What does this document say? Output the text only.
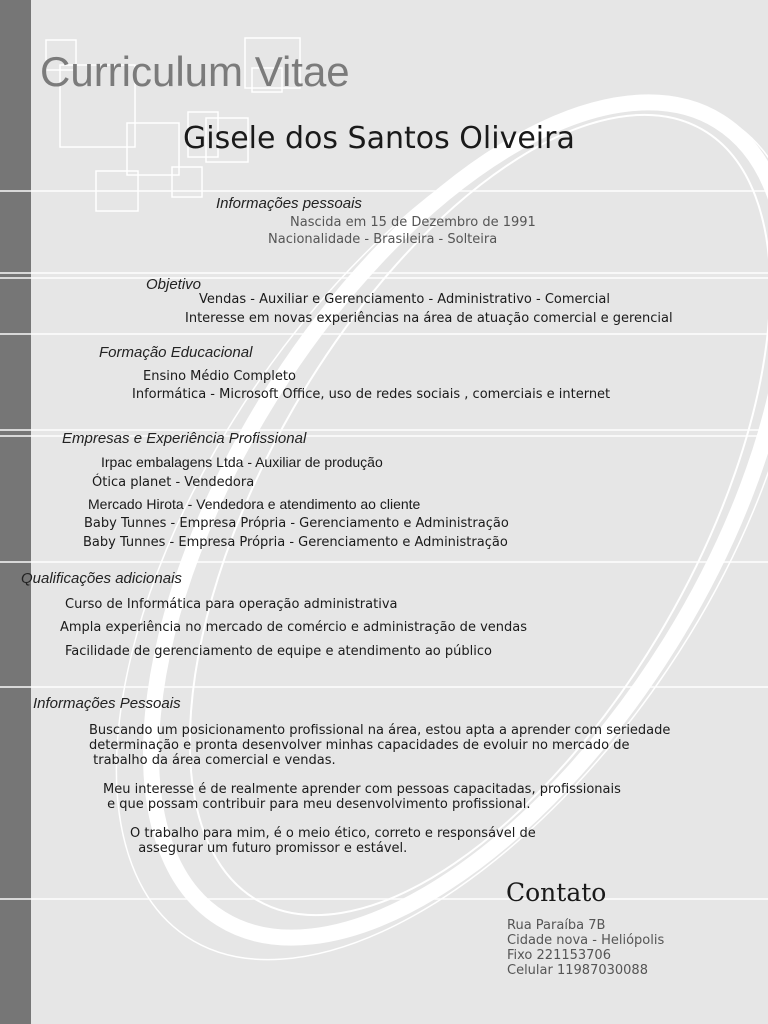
Curriculum Vitae
Gisele dos Santos Oliveira
Informações pessoais
Nascida em 15 de Dezembro de 1991
Nacionalidade - Brasileira - Solteira
Objetivo
Vendas - Auxiliar e Gerenciamento - Administrativo - Comercial
Interesse em novas experiências na área de atuação comercial e gerencial
Formação Educacional
Ensino Médio Completo
Informática - Microsoft Office, uso de redes sociais , comerciais e internet
Empresas e Experiência Profissional
Irpac embalagens Ltda - Auxiliar de produção
Ótica planet - Vendedora
Mercado Hirota - Vendedora e atendimento ao cliente
Baby Tunnes - Empresa Própria - Gerenciamento e Administração
Baby Tunnes - Empresa Própria - Gerenciamento e Administração
Qualificações adicionais
Curso de Informática para operação administrativa
Ampla experiência no mercado de comércio e administração de vendas
Facilidade de gerenciamento de equipe e atendimento ao público
Informações Pessoais
Buscando um posicionamento profissional na área, estou apta a aprender com seriedade
determinação e pronta desenvolver minhas capacidades de evoluir no mercado de
trabalho da área comercial e vendas.
Meu interesse é de realmente aprender com pessoas capacitadas, profissionais
e que possam contribuir para meu desenvolvimento profissional.
O trabalho para mim, é o meio ético, correto e responsável de
assegurar um futuro promissor e estável.
Contato
Rua Paraíba 7B
Cidade nova - Heliópolis
Fixo 221153706
Celular 11987030088
